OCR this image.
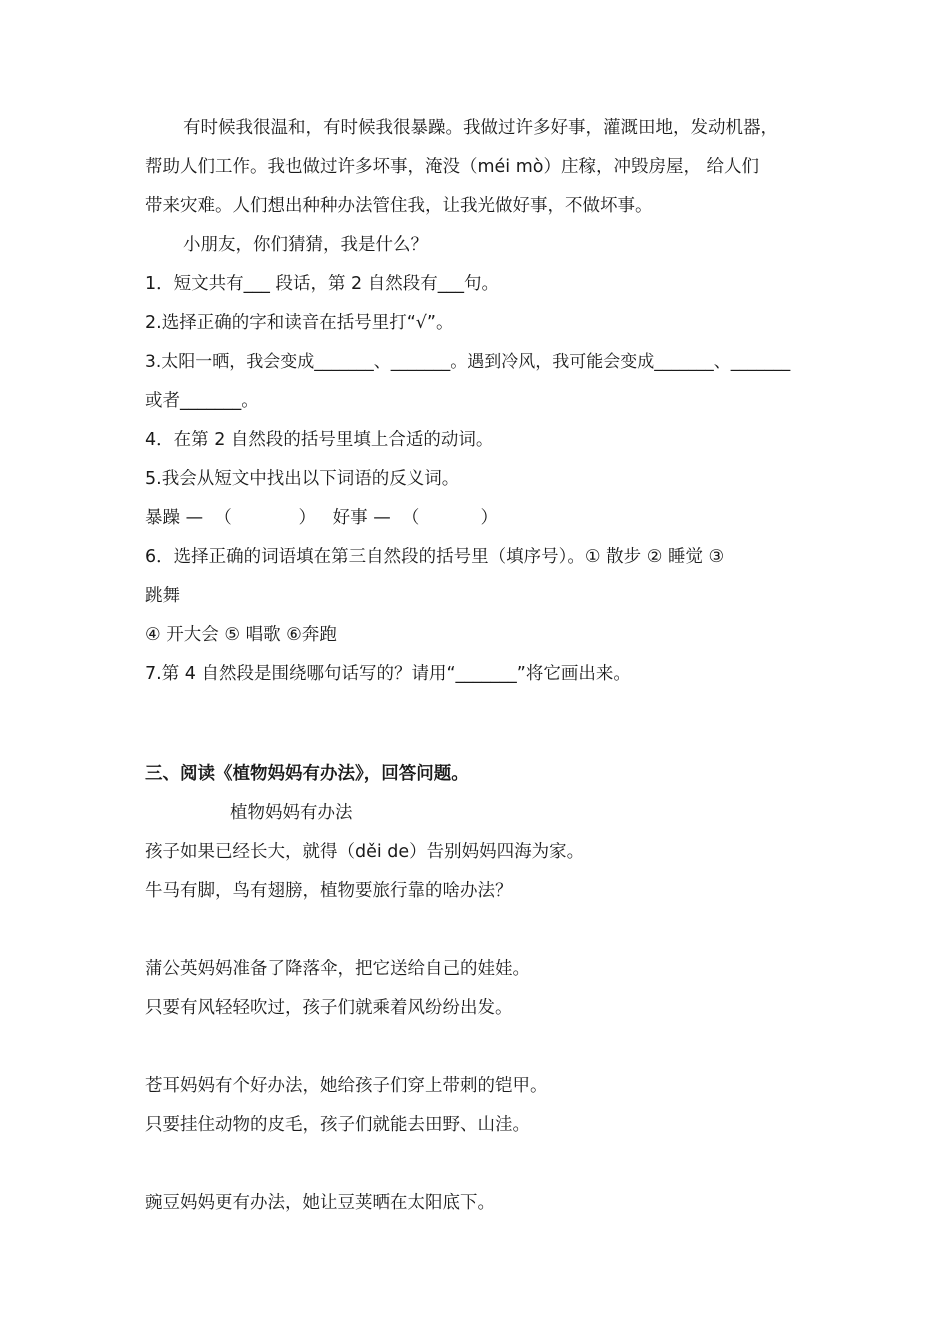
有时候我很温和，有时候我很暴躁。我做过许多好事，灌溉田地，发动机器，
帮助人们工作。我也做过许多坏事，淹没（méi mò）庄稼，冲毁房屋， 给人们
带来灾难。人们想出种种办法管住我，让我光做好事，不做坏事。
小朋友，你们猜猜，我是什么？
1．短文共有___ 段话，第 2 自然段有___句。
2.选择正确的字和读音在括号里打“√”。
3.太阳一晒，我会变成_______、_______。遇到冷风，我可能会变成_______、_______
或者_______。
4．在第 2 自然段的括号里填上合适的动词。
5.我会从短文中找出以下词语的反义词。
暴躁 —  （            ）   好事 —  （           ）
6．选择正确的词语填在第三自然段的括号里（填序号）。① 散步 ② 睡觉 ③
跳舞
④ 开大会 ⑤ 唱歌 ⑥奔跑
7.第 4 自然段是围绕哪句话写的？请用“_______”将它画出来。
三、阅读《植物妈妈有办法》，回答问题。
植物妈妈有办法
孩子如果已经长大，就得（děi de）告别妈妈四海为家。
牛马有脚，鸟有翅膀，植物要旅行靠的啥办法？
蒲公英妈妈准备了降落伞，把它送给自己的娃娃。
只要有风轻轻吹过，孩子们就乘着风纷纷出发。
苍耳妈妈有个好办法，她给孩子们穿上带刺的铠甲。
只要挂住动物的皮毛，孩子们就能去田野、山洼。
豌豆妈妈更有办法，她让豆荚晒在太阳底下。
